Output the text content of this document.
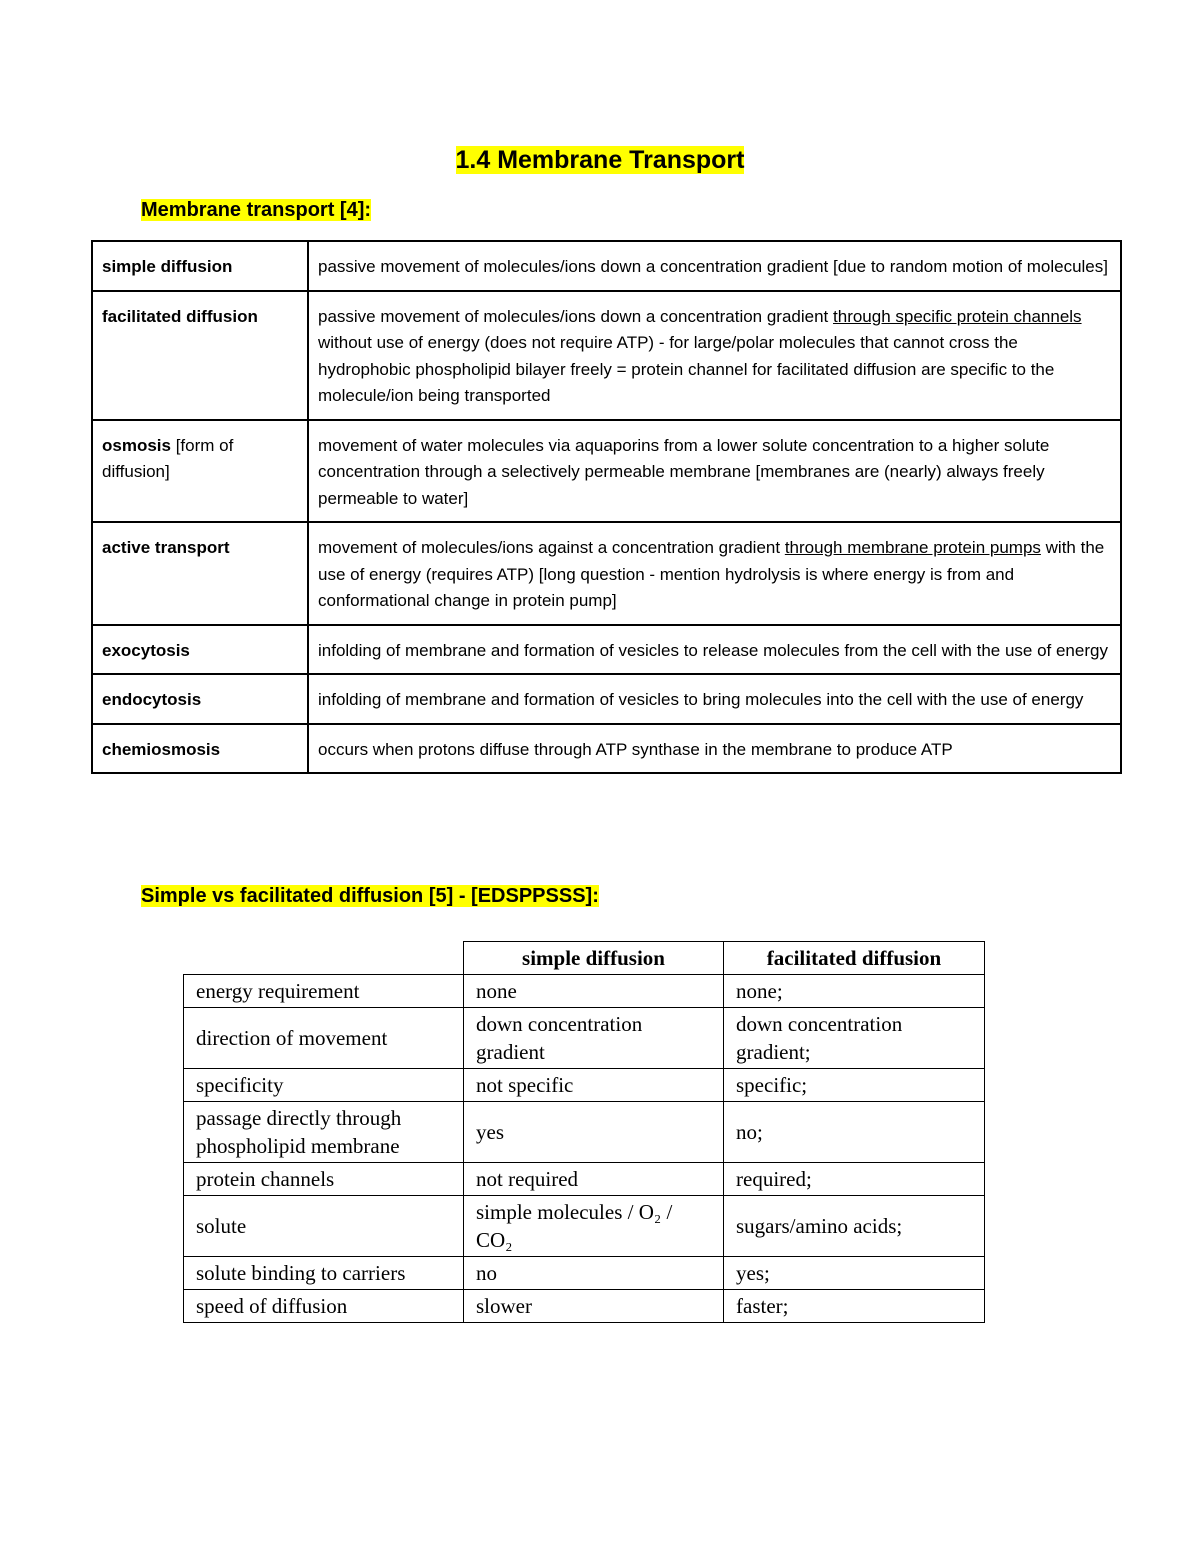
1.4 Membrane Transport
Membrane transport [4]:
simple diffusion	passive movement of molecules/ions down a concentration gradient [due to random motion of molecules]
facilitated diffusion	passive movement of molecules/ions down a concentration gradient through specific protein channels without use of energy (does not require ATP) - for large/polar molecules that cannot cross the hydrophobic phospholipid bilayer freely = protein channel for facilitated diffusion are specific to the molecule/ion being transported
osmosis [form of diffusion]	movement of water molecules via aquaporins from a lower solute concentration to a higher solute concentration through a selectively permeable membrane [membranes are (nearly) always freely permeable to water]
active transport	movement of molecules/ions against a concentration gradient through membrane protein pumps with the use of energy (requires ATP) [long question - mention hydrolysis is where energy is from and conformational change in protein pump]
exocytosis	infolding of membrane and formation of vesicles to release molecules from the cell with the use of energy
endocytosis	infolding of membrane and formation of vesicles to bring molecules into the cell with the use of energy
chemiosmosis	occurs when protons diffuse through ATP synthase in the membrane to produce ATP
Simple vs facilitated diffusion [5] - [EDSPPSSS]:
	simple diffusion	facilitated diffusion
energy requirement	none	none;
direction of movement	down concentration gradient	down concentration gradient;
specificity	not specific	specific;
passage directly through phospholipid membrane	yes	no;
protein channels	not required	required;
solute	simple molecules / O₂ / CO₂	sugars/amino acids;
solute binding to carriers	no	yes;
speed of diffusion	slower	faster;
